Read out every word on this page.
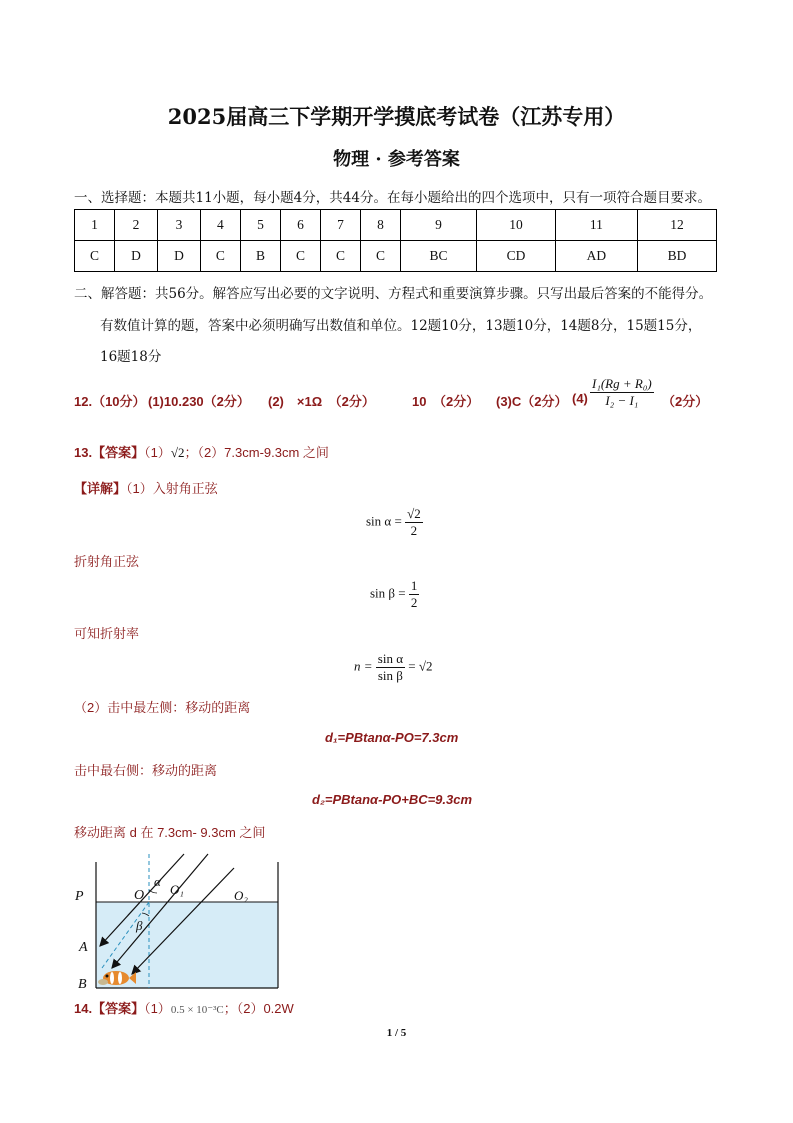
2025届高三下学期开学摸底考试卷（江苏专用）
物理 · 参考答案
一、选择题：本题共11小题，每小题4分，共44分。在每小题给出的四个选项中，只有一项符合题目要求。
1	2	3	4	5	6	7	8	9	10	11	12
C	D	D	C	B	C	C	C	BC	CD	AD	BD
二、解答题：共56分。解答应写出必要的文字说明、方程式和重要演算步骤。只写出最后答案的不能得分。
有数值计算的题，答案中必须明确写出数值和单位。12题10分，13题10分，14题8分，15题15分，
16题18分
12.（10分） (1)10.230（2分） (2)　×1Ω　（2分）	10　（2分） (3)C（2分） $(4) \frac{\text{I₁(Rg + R₀)}}{\text{I₂ − I₁}} (2$分）
13.【答案】（1）√2；（2）7.3cm-9.3cm 之间
【详解】（1）入射角正弦
$\sin \alpha = \frac{√2}{2}$
折射角正弦
$\sin \beta = \frac{1}{2}$
可知折射率
$n = \frac{\text{sin α}}{\text{sin β}} = √2$
（2）击中最左侧：移动的距离
d₁=PBtanα-PO=7.3cm
击中最右侧：移动的距离
d₂=PBtanα-PO+BC=9.3cm
移动距离 d 在 7.3cm- 9.3cm 之间
P	O
α
O₁	O₂
β
A
B
14.【答案】（1）0.5 × 10⁻³C；（2）0.2W
1 / 5
